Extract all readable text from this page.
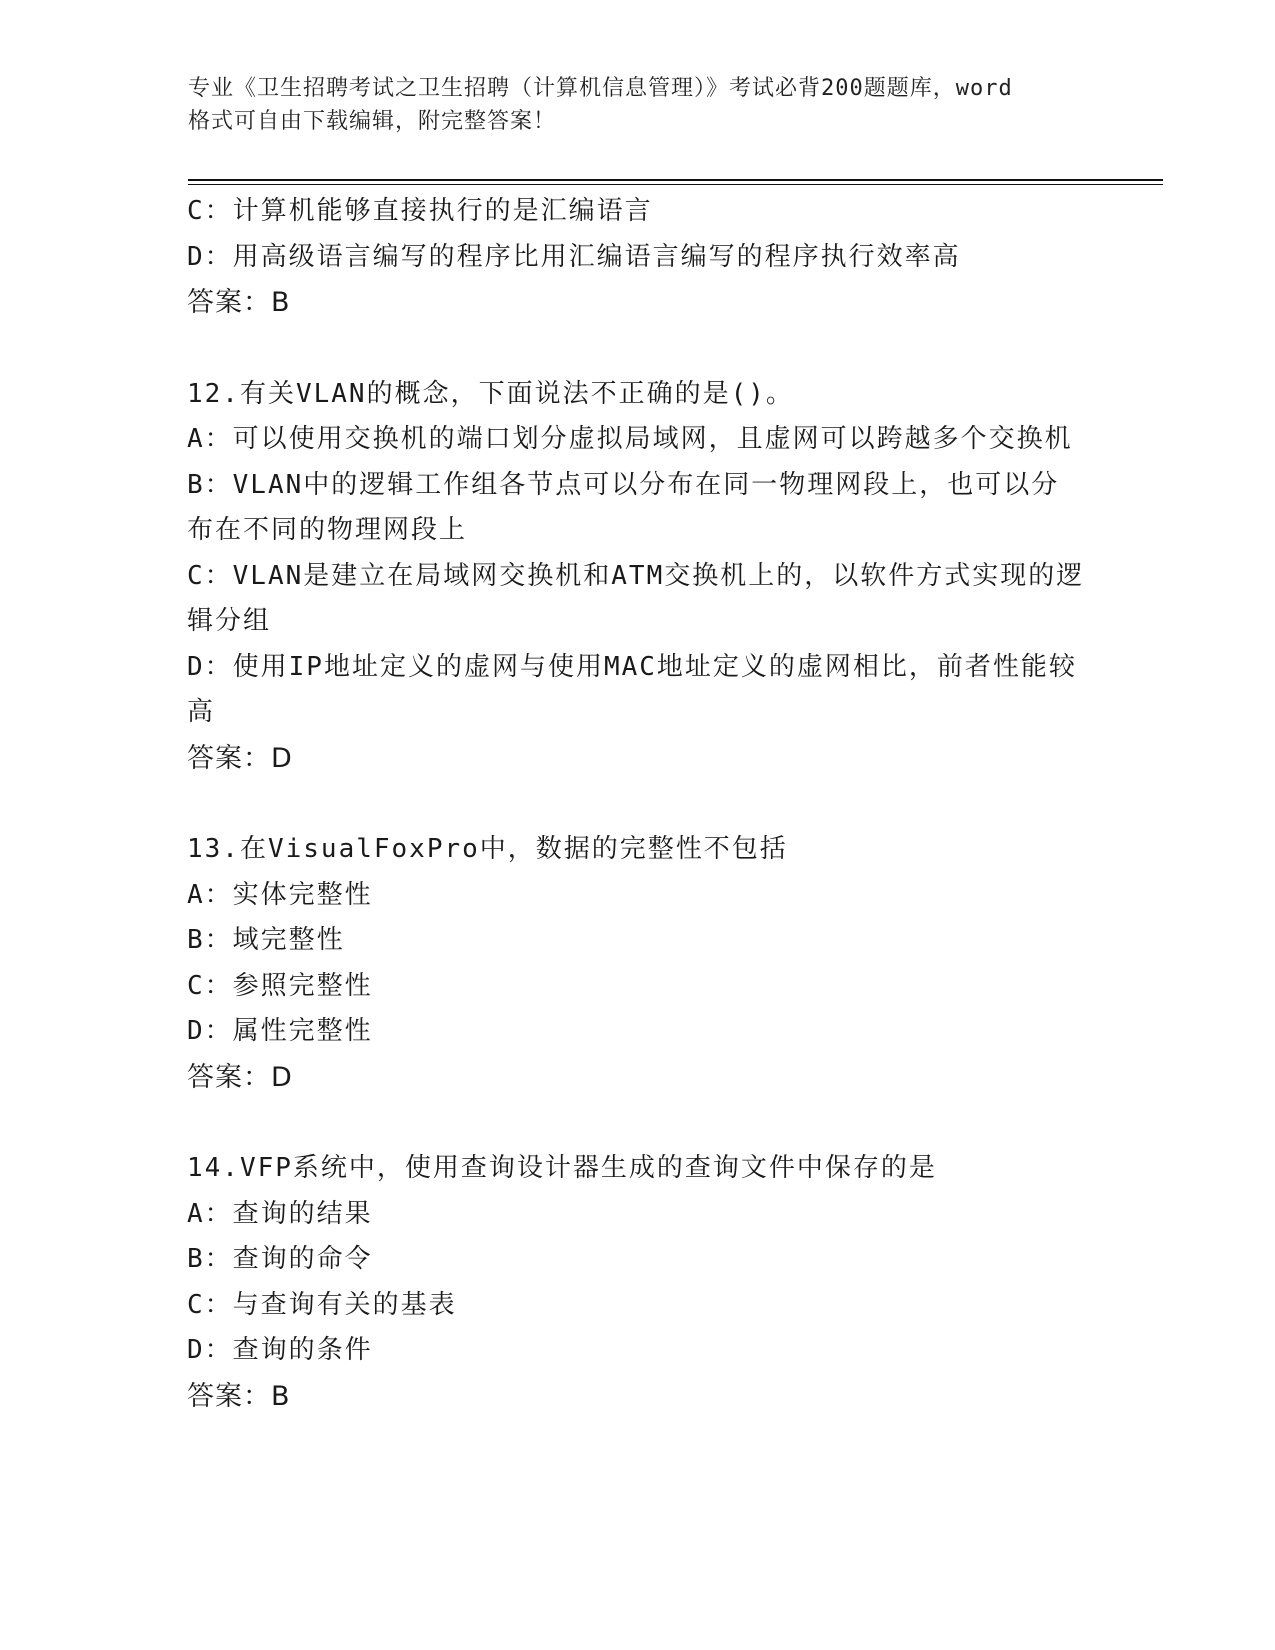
专业《卫生招聘考试之卫生招聘（计算机信息管理）》考试必背200题题库，word
格式可自由下载编辑，附完整答案！
C：计算机能够直接执行的是汇编语言
D：用高级语言编写的程序比用汇编语言编写的程序执行效率高
答案：B
12.有关VLAN的概念，下面说法不正确的是()。
A：可以使用交换机的端口划分虚拟局域网，且虚网可以跨越多个交换机
B：VLAN中的逻辑工作组各节点可以分布在同一物理网段上，也可以分布在不同的物理网段上
C：VLAN是建立在局域网交换机和ATM交换机上的，以软件方式实现的逻辑分组
D：使用IP地址定义的虚网与使用MAC地址定义的虚网相比，前者性能较高
答案：D
13.在VisualFoxPro中，数据的完整性不包括
A：实体完整性
B：域完整性
C：参照完整性
D：属性完整性
答案：D
14.VFP系统中，使用查询设计器生成的查询文件中保存的是
A：查询的结果
B：查询的命令
C：与查询有关的基表
D：查询的条件
答案：B
